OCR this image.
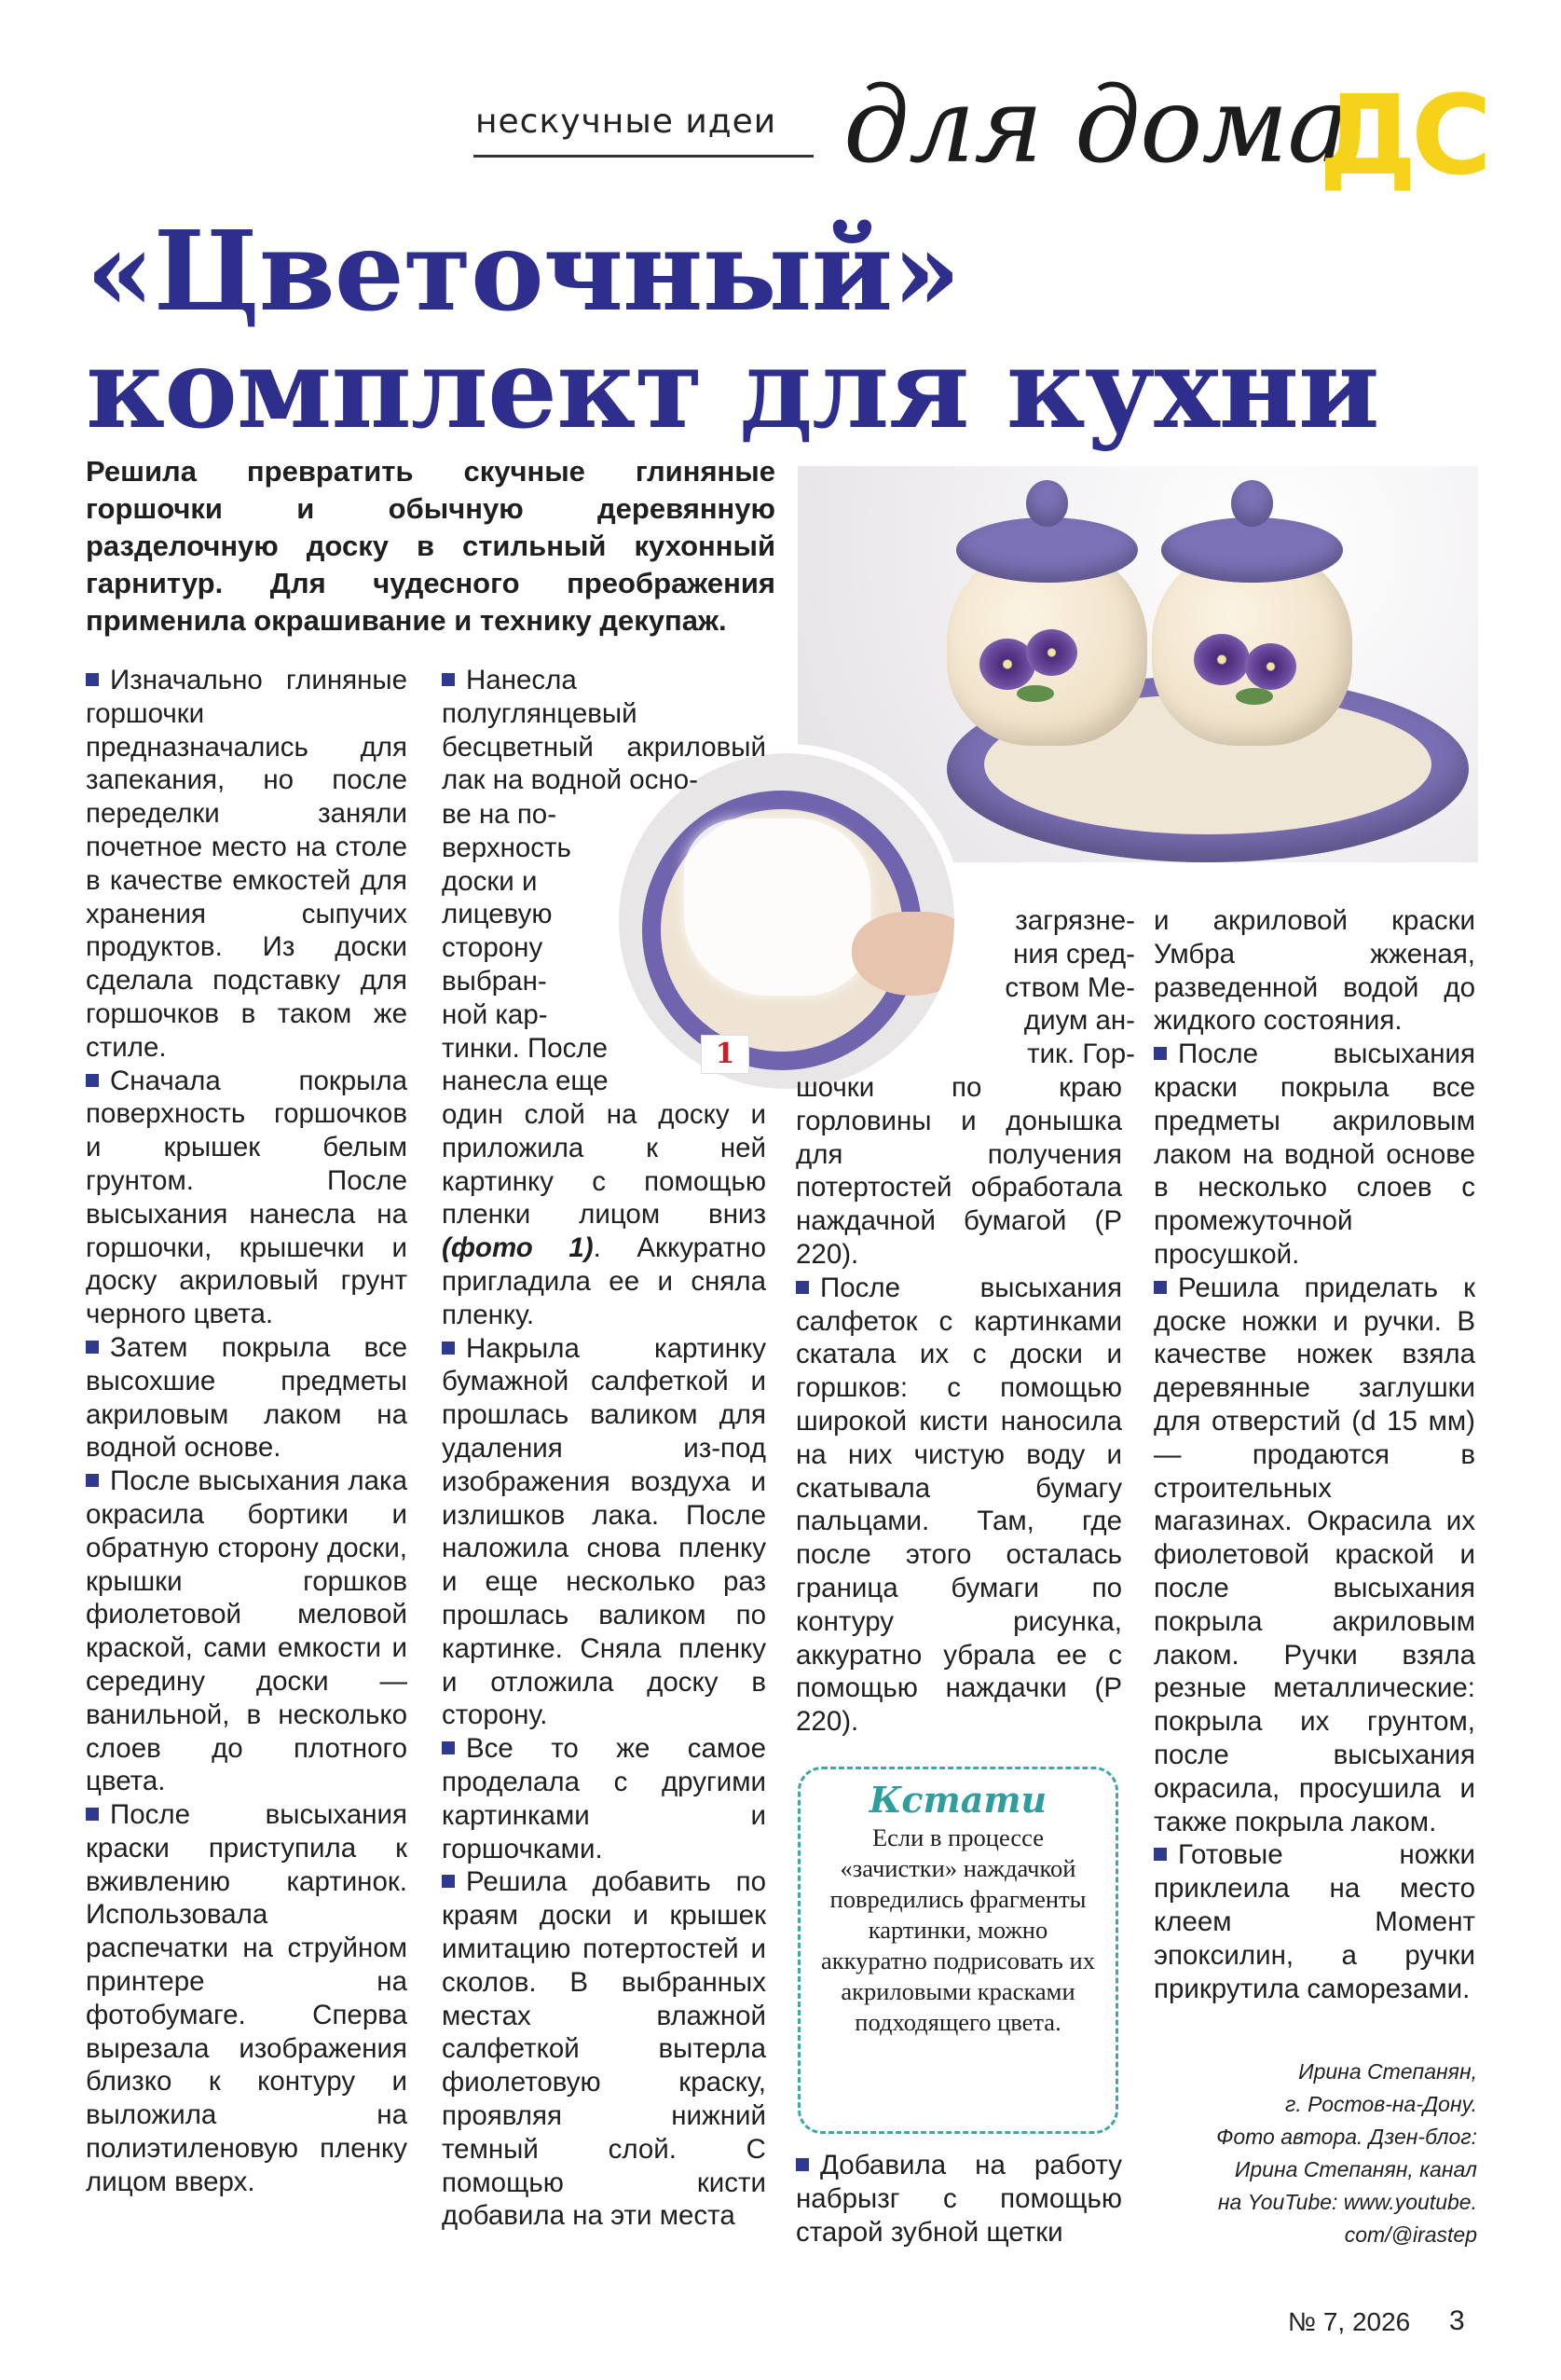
нескучные идеи для дома
ДС
«Цветочный»
комплект для кухни
Решила превратить скучные глиняные горшочки и обычную деревянную разделочную доску в стильный кухонный гарнитур. Для чудесного преображения применила окрашивание и технику декупаж.
1

Изначально глиняные горшочки предназначались для запекания, но после переделки заняли почетное место на столе в качестве емкостей для хранения сыпучих продуктов. Из доски сделала подставку для горшочков в таком же стиле.

Сначала покрыла поверхность горшочков и крышек белым грунтом. После высыхания нанесла на горшочки, крышечки и доску акриловый грунт черного цвета.

Затем покрыла все высохшие предметы акриловым лаком на водной основе.

После высыхания лака окрасила бортики и обратную сторону доски, крышки горшков фиолетовой меловой краской, сами емкости и середину доски — ванильной, в несколько слоев до плотного цвета.

После высыхания краски приступила к вживлению картинок. Использовала распечатки на струйном принтере на фотобумаге. Сперва вырезала изображения близко к контуру и выложила на полиэтиленовую пленку лицом вверх.

Нанесла полуглянцевый бесцветный акриловый лак на водной осно-

ве на по-
верхность
доски и
лицевую
сторону
выбран-
ной кар-
тинки. После
нанесла еще

один слой на доску и приложила к ней картинку с помощью пленки лицом вниз (фото 1). Аккуратно пригладила ее и сняла пленку.

Накрыла картинку бумажной салфеткой и прошлась валиком для удаления из-под изображения воздуха и излишков лака. После наложила снова пленку и еще несколько раз прошлась валиком по картинке. Сняла пленку и отложила доску в сторону.

Все то же самое проделала с другими картинками и горшочками.

Решила добавить по краям доски и крышек имитацию потертостей и сколов. В выбранных местах влажной салфеткой вытерла фиолетовую краску, проявляя нижний темный слой. С помощью кисти добавила на эти места

загрязне-
ния сред-
ством Ме-
диум ан-
тик. Гор-

шочки по краю горловины и донышка для получения потертостей обработала наждачной бумагой (Р 220).

После высыхания салфеток с картинками скатала их с доски и горшков: с помощью широкой кисти наносила на них чистую воду и скатывала бумагу пальцами. Там, где после этого осталась граница бумаги по контуру рисунка, аккуратно убрала ее с помощью наждачки (Р 220).

Кстати
Если в процессе «зачистки» наждачкой повредились фрагменты картинки, можно аккуратно подрисовать их акриловыми красками подходящего цвета.

Добавила на работу набрызг с помощью старой зубной щетки

и акриловой краски Умбра жженая, разведенной водой до жидкого состояния.

После высыхания краски покрыла все предметы акриловым лаком на водной основе в несколько слоев с промежуточной просушкой.

Решила приделать к доске ножки и ручки. В качестве ножек взяла деревянные заглушки для отверстий (d 15 мм) — продаются в строительных магазинах. Окрасила их фиолетовой краской и после высыхания покрыла акриловым лаком. Ручки взяла резные металлические: покрыла их грунтом, после высыхания окрасила, просушила и также покрыла лаком.

Готовые ножки приклеила на место клеем Момент эпоксилин, а ручки прикрутила саморезами.

Ирина Степанян,
г. Ростов-на-Дону.
Фото автора. Дзен-блог:
Ирина Степанян, канал
на YouTube: www.youtube.
com/@irastep
№ 7, 2026 3
